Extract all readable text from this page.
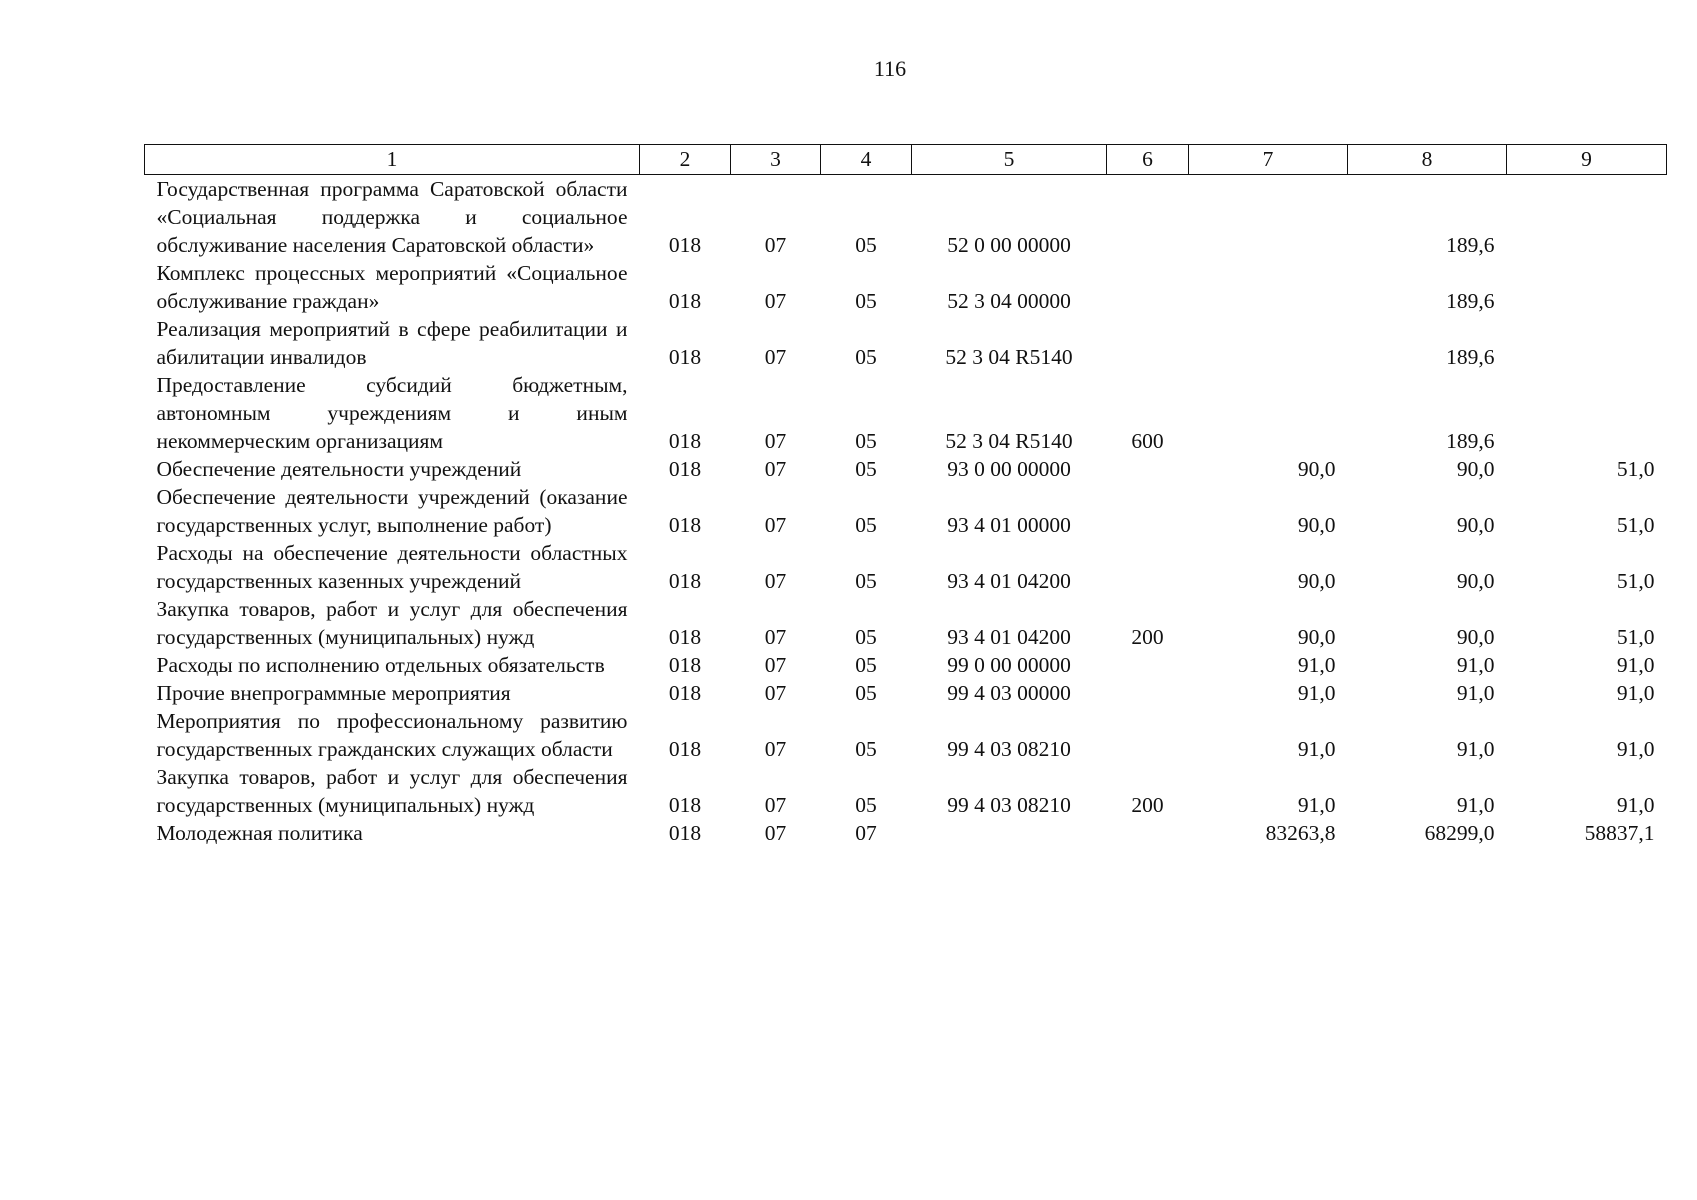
116
1	2	3	4	5	6	7	8	9
Государственная программа Саратовской области «Социальная поддержка и социальное обслуживание населения Саратовской области»	018	07	05	52 0 00 00000			189,6	
Комплекс процессных мероприятий «Социальное обслуживание граждан»	018	07	05	52 3 04 00000			189,6	
Реализация мероприятий в сфере реабилитации и абилитации инвалидов	018	07	05	52 3 04 R5140			189,6	
Предоставление субсидий бюджетным, автономным учреждениям и иным некоммерческим организациям	018	07	05	52 3 04 R5140	600		189,6	
Обеспечение деятельности учреждений	018	07	05	93 0 00 00000		90,0	90,0	51,0
Обеспечение деятельности учреждений (оказание государственных услуг, выполнение работ)	018	07	05	93 4 01 00000		90,0	90,0	51,0
Расходы на обеспечение деятельности областных государственных казенных учреждений	018	07	05	93 4 01 04200		90,0	90,0	51,0
Закупка товаров, работ и услуг для обеспечения государственных (муниципальных) нужд	018	07	05	93 4 01 04200	200	90,0	90,0	51,0
Расходы по исполнению отдельных обязательств	018	07	05	99 0 00 00000		91,0	91,0	91,0
Прочие внепрограммные мероприятия	018	07	05	99 4 03 00000		91,0	91,0	91,0
Мероприятия по профессиональному развитию государственных гражданских служащих области	018	07	05	99 4 03 08210		91,0	91,0	91,0
Закупка товаров, работ и услуг для обеспечения государственных (муниципальных) нужд	018	07	05	99 4 03 08210	200	91,0	91,0	91,0
Молодежная политика	018	07	07			83263,8	68299,0	58837,1
